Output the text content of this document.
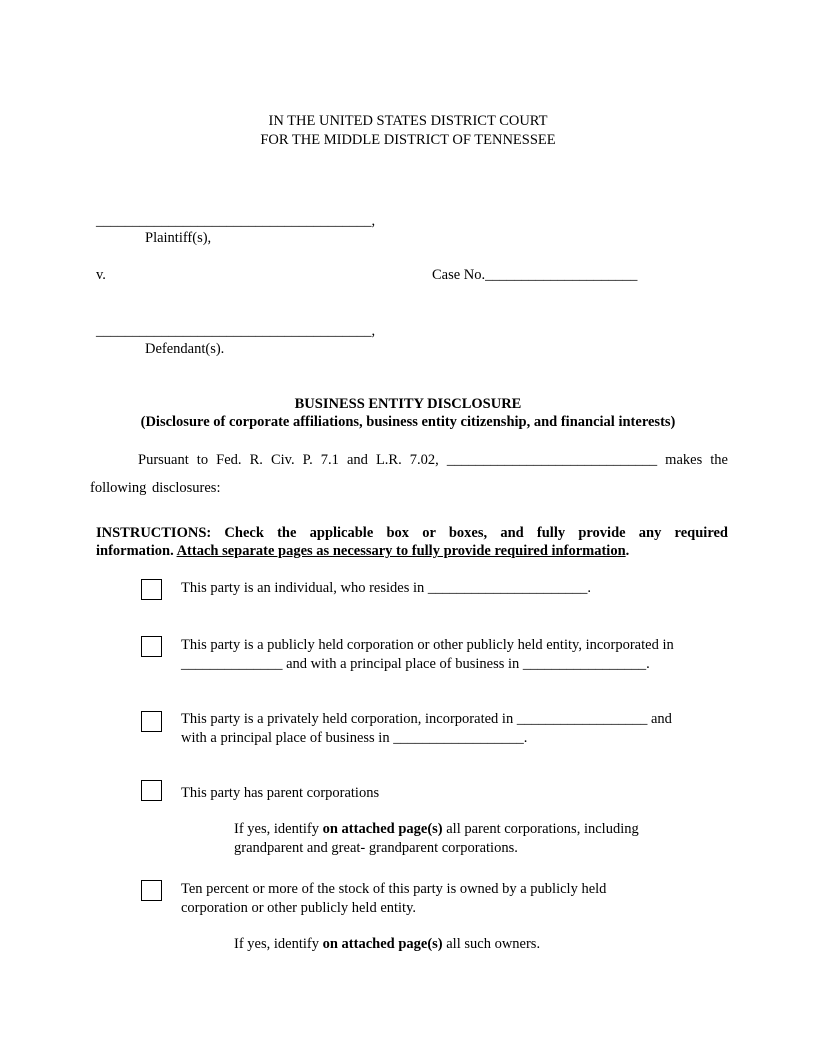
IN THE UNITED STATES DISTRICT COURT
FOR THE MIDDLE DISTRICT OF TENNESSEE
______________________________________,
Plaintiff(s),
v.	Case No._____________________
______________________________________,
Defendant(s).
BUSINESS ENTITY DISCLOSURE
(Disclosure of corporate affiliations, business entity citizenship, and financial interests)
Pursuant to Fed. R. Civ. P. 7.1 and L.R. 7.02, _____________________________ makes the
following disclosures:
INSTRUCTIONS: Check the applicable box or boxes, and fully provide any required
information. Attach separate pages as necessary to fully provide required information.
This party is an individual, who resides in ______________________.
This party is a publicly held corporation or other publicly held entity, incorporated in
______________ and with a principal place of business in _________________.
This party is a privately held corporation, incorporated in __________________ and
with a principal place of business in __________________.
This party has parent corporations
If yes, identify on attached page(s) all parent corporations, including
grandparent and great- grandparent corporations.
Ten percent or more of the stock of this party is owned by a publicly held
corporation or other publicly held entity.
If yes, identify on attached page(s) all such owners.
